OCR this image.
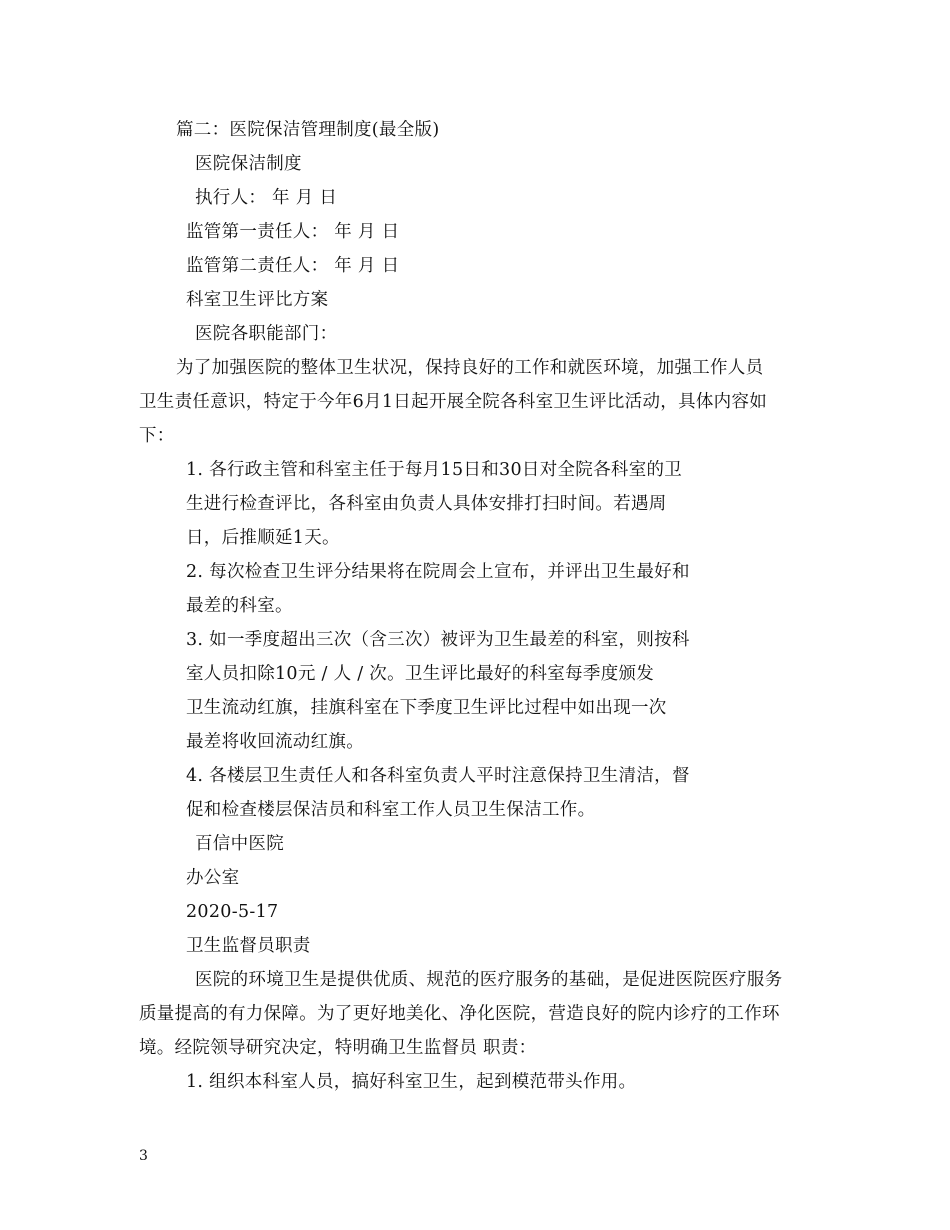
篇二：医院保洁管理制度(最全版)
医院保洁制度
执行人： 年 月 日
监管第一责任人： 年 月 日
监管第二责任人： 年 月 日
科室卫生评比方案
医院各职能部门：
为了加强医院的整体卫生状况，保持良好的工作和就医环境，加强工作人员
卫生责任意识，特定于今年6月1日起开展全院各科室卫生评比活动，具体内容如
下：
1. 各行政主管和科室主任于每月15日和30日对全院各科室的卫
生进行检查评比，各科室由负责人具体安排打扫时间。若遇周
日，后推顺延1天。
2. 每次检查卫生评分结果将在院周会上宣布，并评出卫生最好和
最差的科室。
3. 如一季度超出三次（含三次）被评为卫生最差的科室，则按科
室人员扣除10元 / 人 / 次。卫生评比最好的科室每季度颁发
卫生流动红旗，挂旗科室在下季度卫生评比过程中如出现一次
最差将收回流动红旗。
4. 各楼层卫生责任人和各科室负责人平时注意保持卫生清洁，督
促和检查楼层保洁员和科室工作人员卫生保洁工作。
百信中医院
办公室
2020-5-17
卫生监督员职责
医院的环境卫生是提供优质、规范的医疗服务的基础，是促进医院医疗服务
质量提高的有力保障。为了更好地美化、净化医院，营造良好的院内诊疗的工作环
境。经院领导研究决定，特明确卫生监督员 职责：
1. 组织本科室人员，搞好科室卫生，起到模范带头作用。
3
